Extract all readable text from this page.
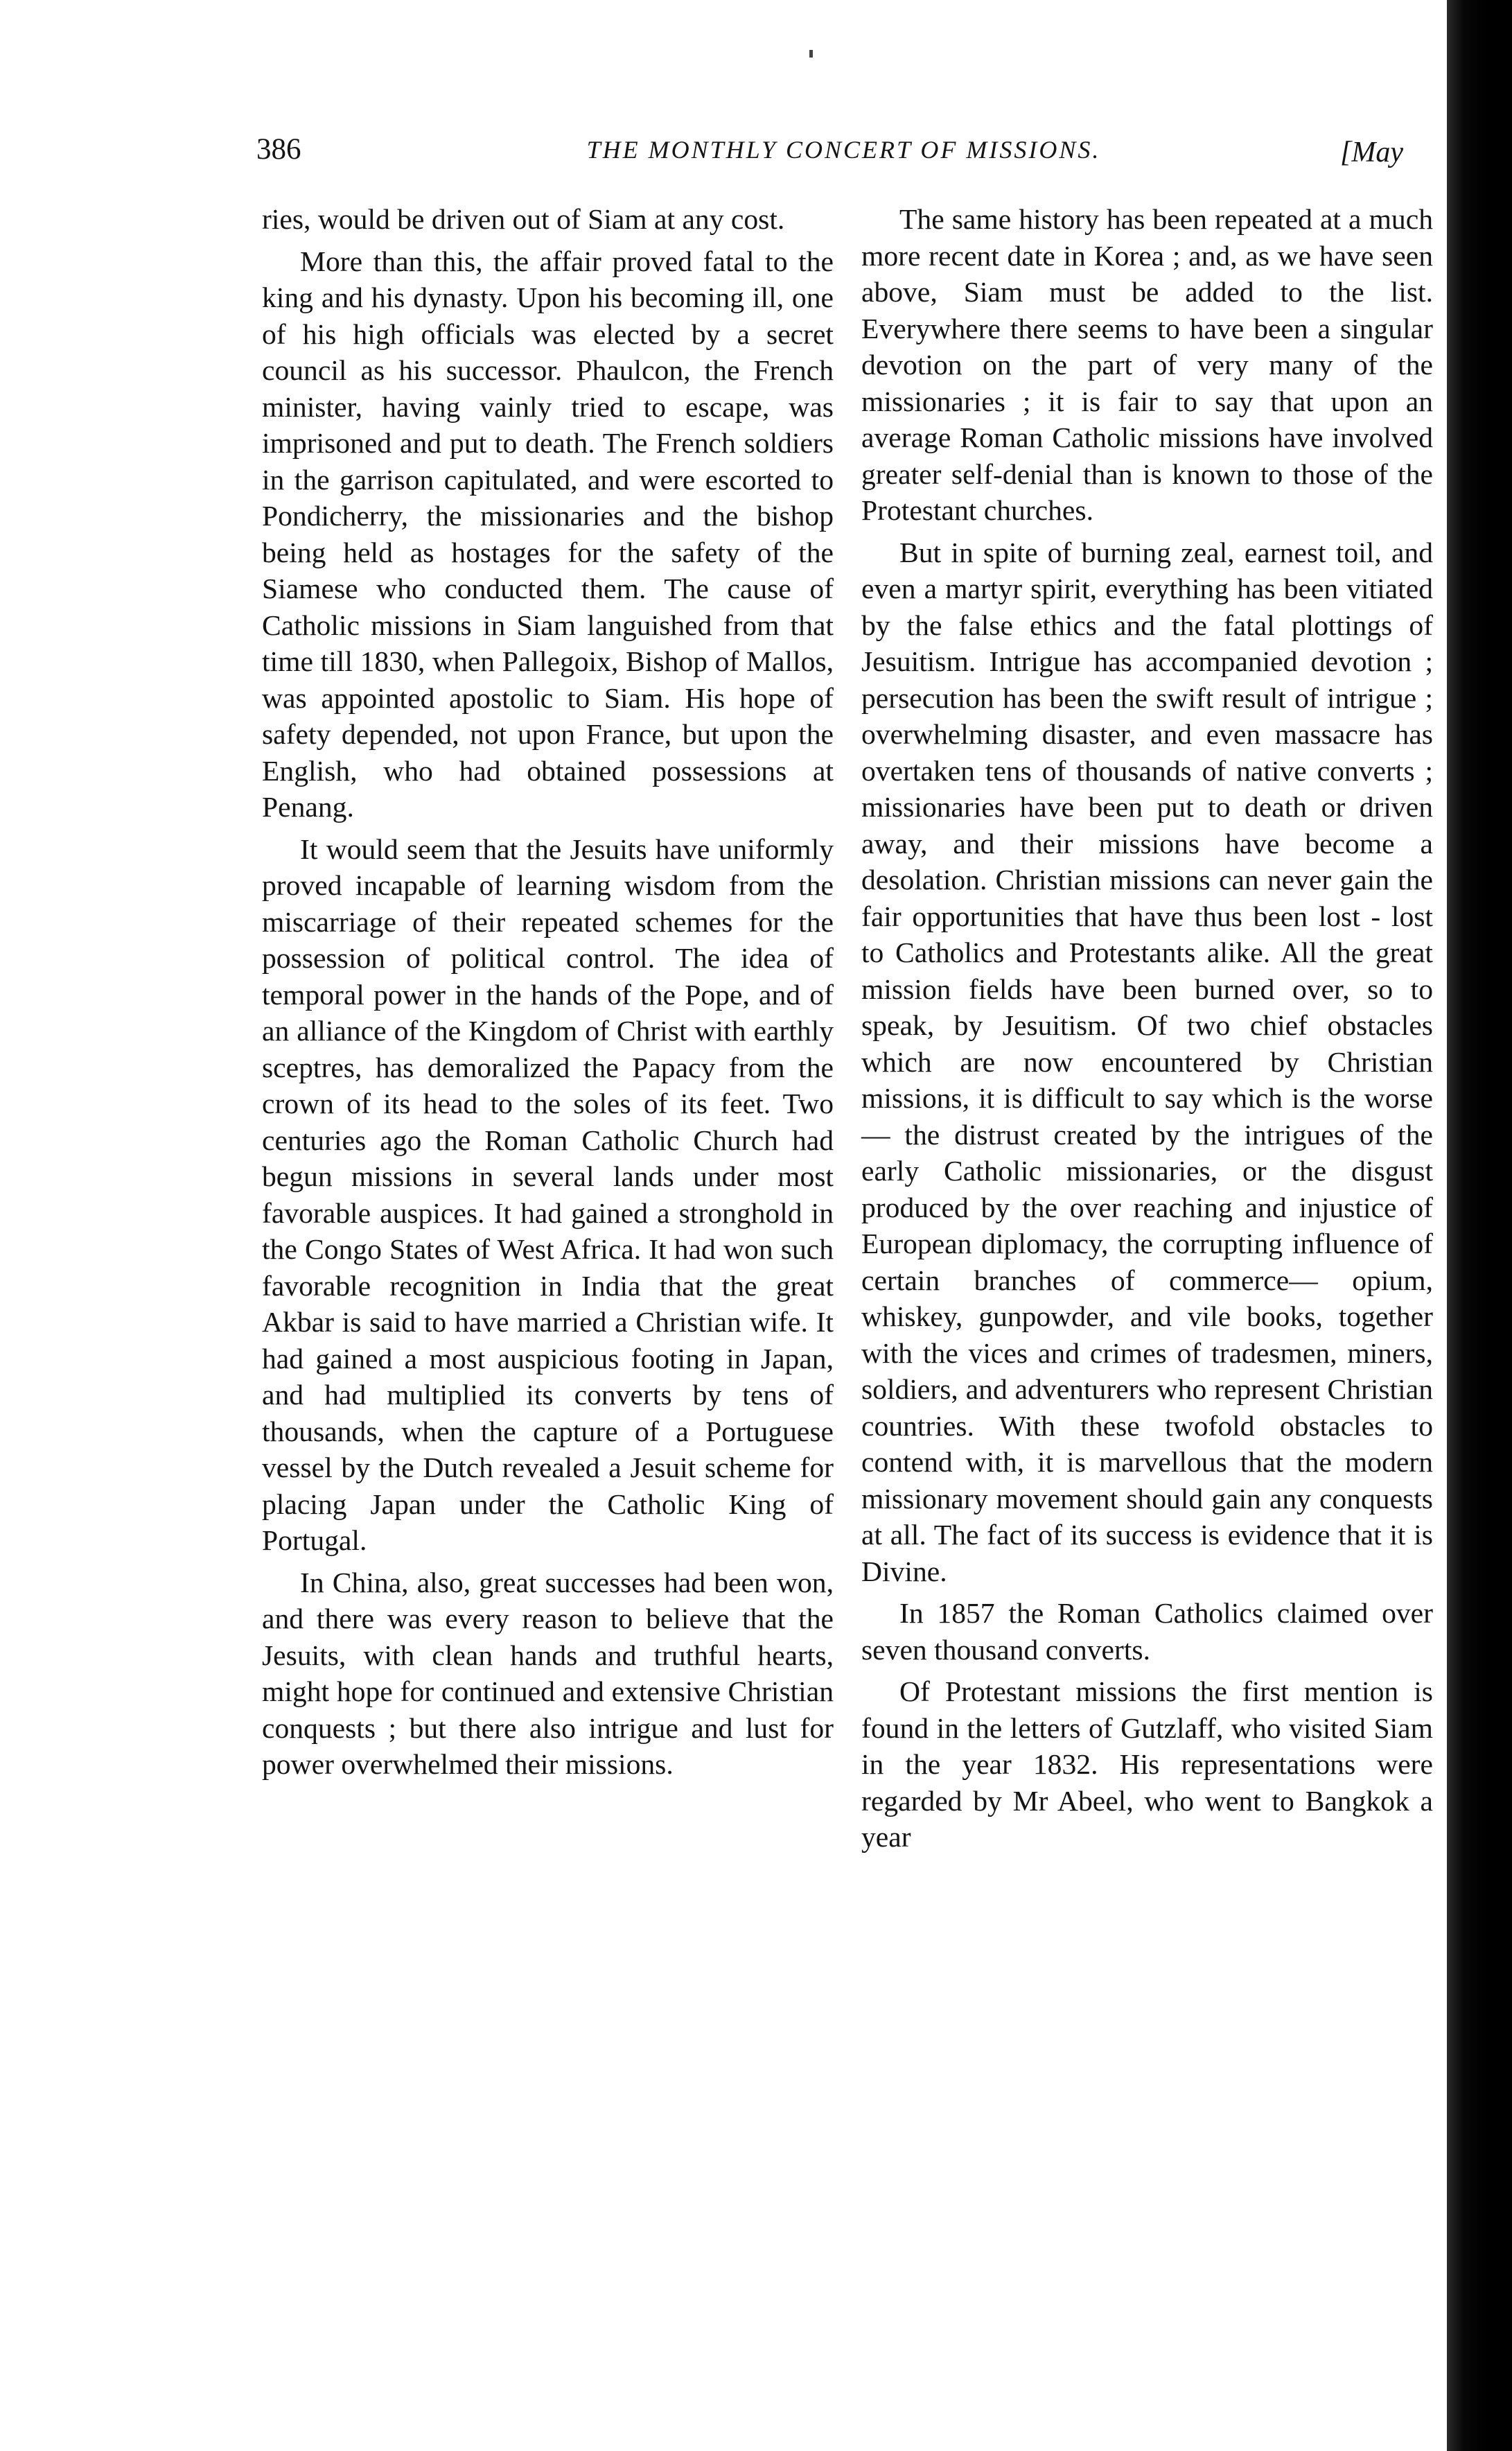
386	THE MONTHLY CONCERT OF MISSIONS.	[May

ries, would be driven out of Siam at any cost.

More than this, the affair proved fatal to the king and his dynasty. Upon his becoming ill, one of his high officials was elected by a secret council as his successor. Phaulcon, the French minister, having vainly tried to escape, was imprisoned and put to death. The French soldiers in the garrison capitulated, and were escorted to Pondicherry, the missionaries and the bishop being held as hostages for the safety of the Siamese who conducted them. The cause of Catholic missions in Siam languished from that time till 1830, when Pallegoix, Bishop of Mallos, was appointed apostolic to Siam. His hope of safety depended, not upon France, but upon the English, who had obtained possessions at Penang.

It would seem that the Jesuits have uniformly proved incapable of learning wisdom from the miscarriage of their repeated schemes for the possession of political control. The idea of temporal power in the hands of the Pope, and of an alliance of the Kingdom of Christ with earthly sceptres, has demoralized the Papacy from the crown of its head to the soles of its feet. Two centuries ago the Roman Catholic Church had begun missions in several lands under most favorable auspices. It had gained a stronghold in the Congo States of West Africa. It had won such favorable recognition in India that the great Akbar is said to have married a Christian wife. It had gained a most auspicious footing in Japan, and had multiplied its converts by tens of thousands, when the capture of a Portuguese vessel by the Dutch revealed a Jesuit scheme for placing Japan under the Catholic King of Portugal.

In China, also, great successes had been won, and there was every reason to believe that the Jesuits, with clean hands and truthful hearts, might hope for continued and extensive Christian conquests ; but there also intrigue and lust for power overwhelmed their missions.

The same history has been repeated at a much more recent date in Korea ; and, as we have seen above, Siam must be added to the list. Everywhere there seems to have been a singular devotion on the part of very many of the missionaries ; it is fair to say that upon an average Roman Catholic missions have involved greater self-denial than is known to those of the Protestant churches.

But in spite of burning zeal, earnest toil, and even a martyr spirit, everything has been vitiated by the false ethics and the fatal plottings of Jesuitism. Intrigue has accompanied devotion ; persecution has been the swift result of intrigue ; overwhelming disaster, and even massacre has overtaken tens of thousands of native converts ; missionaries have been put to death or driven away, and their missions have become a desolation. Christian missions can never gain the fair opportunities that have thus been lost - lost to Catholics and Protestants alike. All the great mission fields have been burned over, so to speak, by Jesuitism. Of two chief obstacles which are now encountered by Christian missions, it is difficult to say which is the worse— the distrust created by the intrigues of the early Catholic missionaries, or the disgust produced by the over reaching and injustice of European diplomacy, the corrupting influence of certain branches of commerce— opium, whiskey, gunpowder, and vile books, together with the vices and crimes of tradesmen, miners, soldiers, and adventurers who represent Christian countries. With these twofold obstacles to contend with, it is marvellous that the modern missionary movement should gain any conquests at all. The fact of its success is evidence that it is Divine.

In 1857 the Roman Catholics claimed over seven thousand converts.

Of Protestant missions the first mention is found in the letters of Gutzlaff, who visited Siam in the year 1832. His representations were regarded by Mr Abeel, who went to Bangkok a year
